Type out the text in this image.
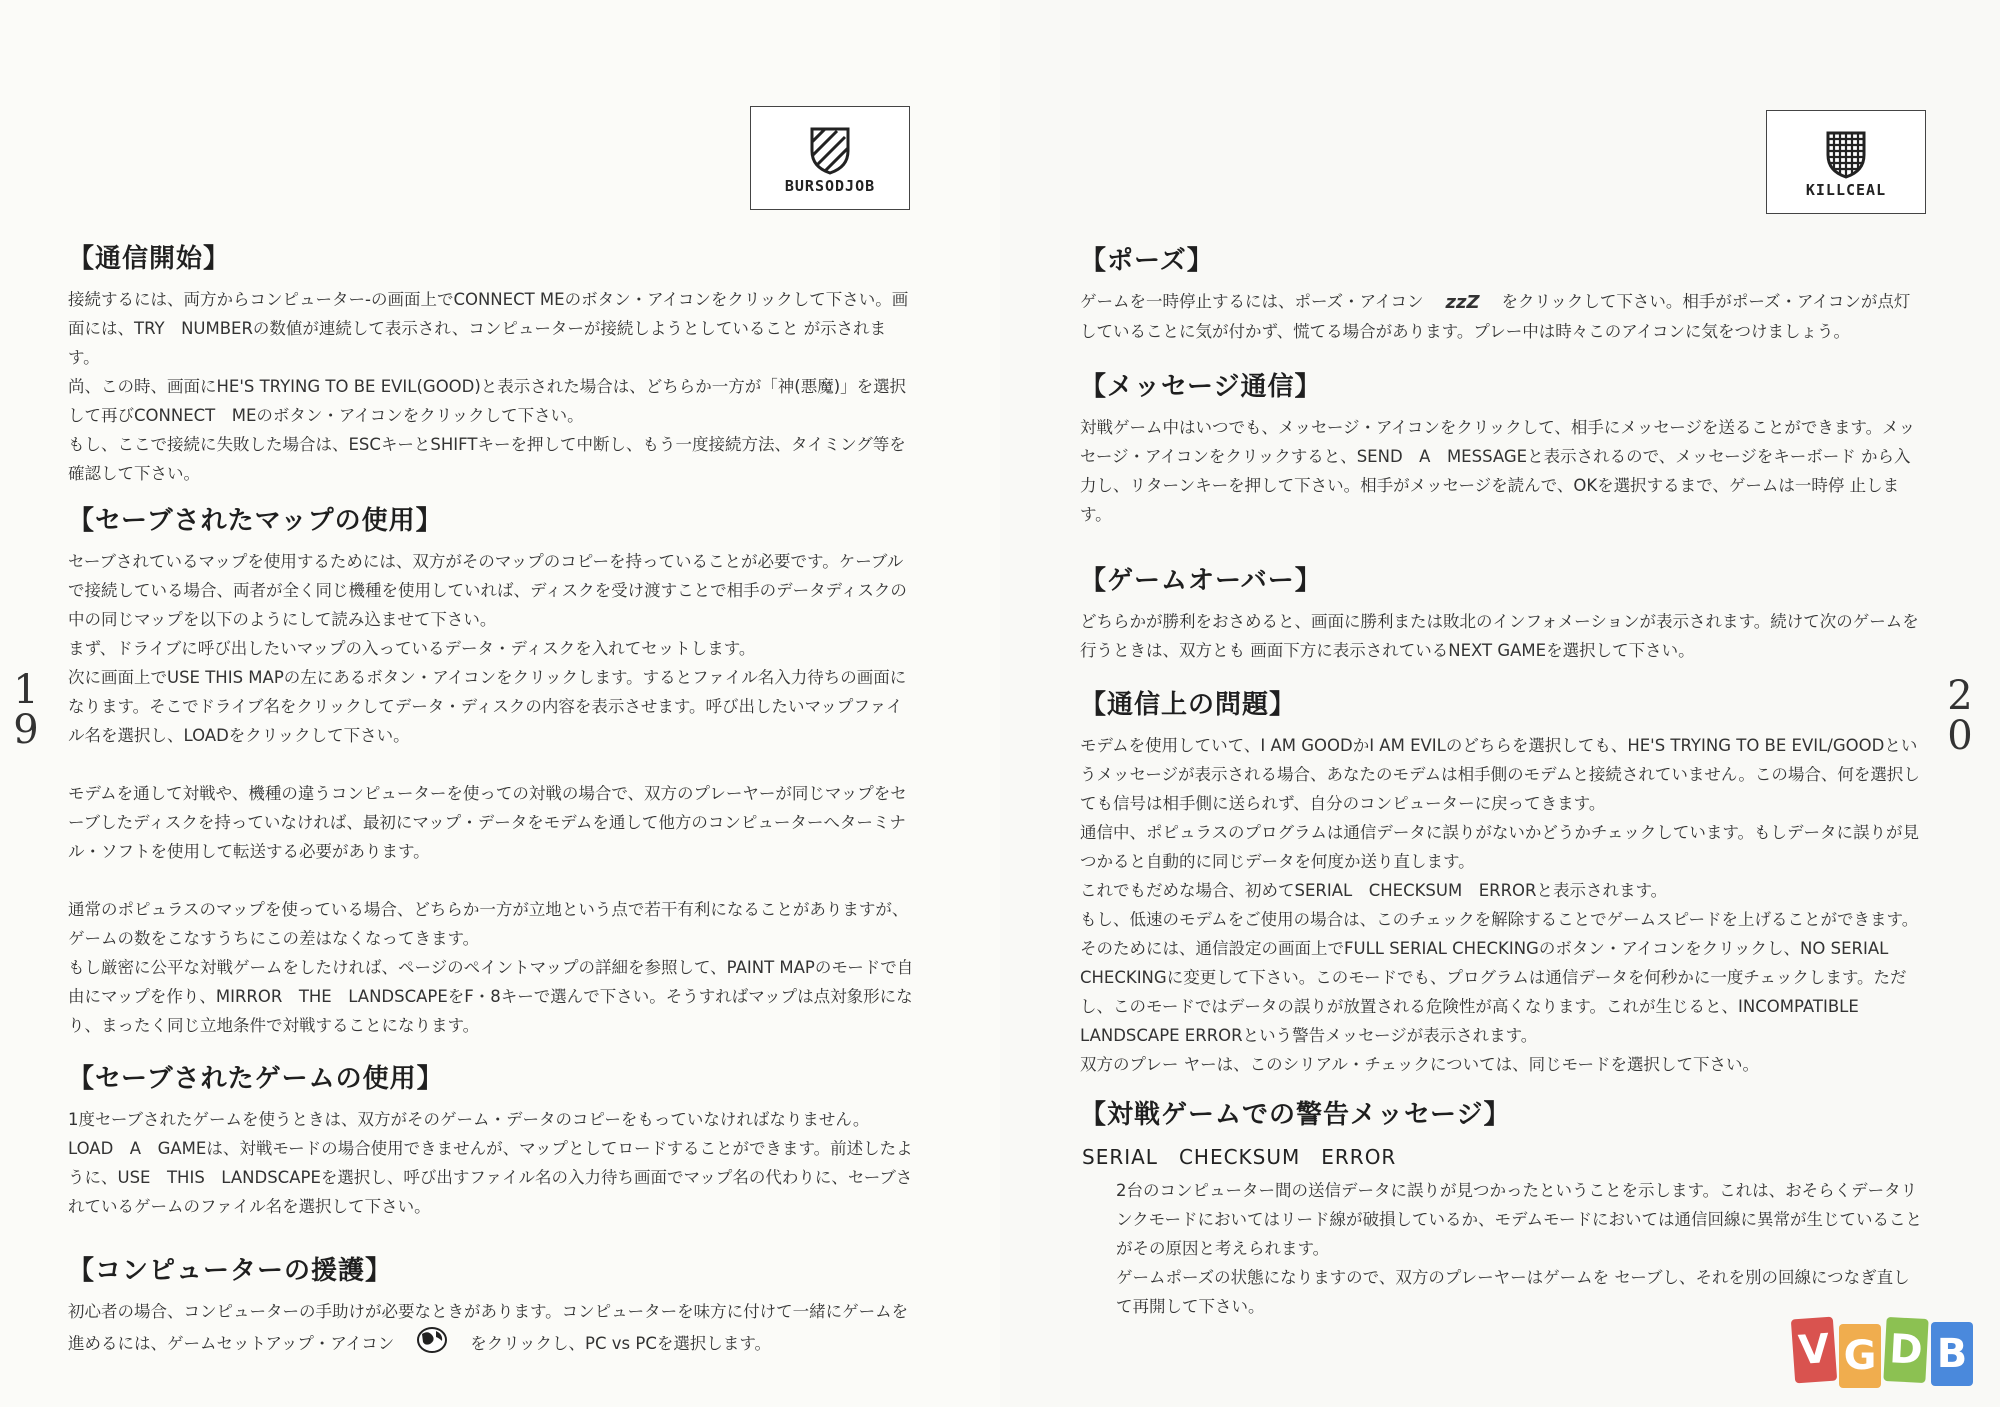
BURSODJOB
1
9
【通信開始】

接続するには、両方からコンピューター-の画面上でCONNECT MEのボタン・アイコンをクリックして下さい。画面には、TRY　NUMBERの数値が連続して表示され、コンピューターが接続しようとしていること が示されます。

尚、この時、画面にHE'S TRYING TO BE EVIL(GOOD)と表示された場合は、どちらか一方が「神(悪魔)」を選択して再びCONNECT　MEのボタン・アイコンをクリックして下さい。

もし、ここで接続に失敗した場合は、ESCキーとSHIFTキーを押して中断し、もう一度接続方法、タイミング等を確認して下さい。

【セーブされたマップの使用】

セーブされているマップを使用するためには、双方がそのマップのコピーを持っていることが必要です。ケーブルで接続している場合、両者が全く同じ機種を使用していれば、ディスクを受け渡すことで相手のデータディスクの中の同じマップを以下のようにして読み込ませて下さい。

まず、ドライブに呼び出したいマップの入っているデータ・ディスクを入れてセットします。

次に画面上でUSE THIS MAPの左にあるボタン・アイコンをクリックします。するとファイル名入力待ちの画面になります。そこでドライブ名をクリックしてデータ・ディスクの内容を表示させます。呼び出したいマップファイル名を選択し、LOADをクリックして下さい。

モデムを通して対戦や、機種の違うコンピューターを使っての対戦の場合で、双方のプレーヤーが同じマップをセーブしたディスクを持っていなければ、最初にマップ・データをモデムを通して他方のコンピューターへターミナル・ソフトを使用して転送する必要があります。

通常のポピュラスのマップを使っている場合、どちらか一方が立地という点で若干有利になることがありますが、ゲームの数をこなすうちにこの差はなくなってきます。

もし厳密に公平な対戦ゲームをしたければ、ページのペイントマップの詳細を参照して、PAINT MAPのモードで自由にマップを作り、MIRROR　THE　LANDSCAPEをF・8キーで選んで下さい。そうすればマップは点対象形になり、まったく同じ立地条件で対戦することになります。

【セーブされたゲームの使用】

1度セーブされたゲームを使うときは、双方がそのゲーム・データのコピーをもっていなければなりません。LOAD　A　GAMEは、対戦モードの場合使用できませんが、マップとしてロードすることができます。前述したように、USE　THIS　LANDSCAPEを選択し、呼び出すファイル名の入力待ち画面でマップ名の代わりに、セーブされているゲームのファイル名を選択して下さい。

【コンピューターの援護】

初心者の場合、コンピューターの手助けが必要なときがあります。コンピューターを味方に付けて一緒にゲームを進めるには、ゲームセットアップ・アイコン	をクリックし、PC vs PCを選択します。

KILLCEAL
2
0
【ポーズ】

ゲームを一時停止するには、ポーズ・アイコン zzZ をクリックして下さい。相手がポーズ・アイコンが点灯していることに気が付かず、慌てる場合があります。プレー中は時々このアイコンに気をつけましょう。

【メッセージ通信】

対戦ゲーム中はいつでも、メッセージ・アイコンをクリックして、相手にメッセージを送ることができます。メッセージ・アイコンをクリックすると、SEND　A　MESSAGEと表示されるので、メッセージをキーボード から入力し、リターンキーを押して下さい。相手がメッセージを読んで、OKを選択するまで、ゲームは一時停 止します。

【ゲームオーバー】

どちらかが勝利をおさめると、画面に勝利または敗北のインフォメーションが表示されます。続けて次のゲームを行うときは、双方とも 画面下方に表示されているNEXT GAMEを選択して下さい。

【通信上の問題】

モデムを使用していて、I AM GOODかI AM EVILのどちらを選択しても、HE'S TRYING TO BE EVIL/GOODというメッセージが表示される場合、あなたのモデムは相手側のモデムと接続されていません。この場合、何を選択しても信号は相手側に送られず、自分のコンピューターに戻ってきます。

通信中、ポピュラスのプログラムは通信データに誤りがないかどうかチェックしています。もしデータに誤りが見つかると自動的に同じデータを何度か送り直します。

これでもだめな場合、初めてSERIAL　CHECKSUM　ERRORと表示されます。

もし、低速のモデムをご使用の場合は、このチェックを解除することでゲームスピードを上げることができます。そのためには、通信設定の画面上でFULL SERIAL CHECKINGのボタン・アイコンをクリックし、NO SERIAL CHECKINGに変更して下さい。このモードでも、プログラムは通信データを何秒かに一度チェックします。ただし、このモードではデータの誤りが放置される危険性が高くなります。これが生じると、INCOMPATIBLE LANDSCAPE ERRORという警告メッセージが表示されます。

双方のプレー ヤーは、このシリアル・チェックについては、同じモードを選択して下さい。

【対戦ゲームでの警告メッセージ】
SERIAL　CHECKSUM　ERROR

2台のコンピューター間の送信データに誤りが見つかったということを示します。これは、おそらくデータリンクモードにおいてはリード線が破損しているか、モデムモードにおいては通信回線に異常が生じていることがその原因と考えられます。

ゲームポーズの状態になりますので、双方のプレーヤーはゲームを セーブし、それを別の回線につなぎ直して再開して下さい。

V G D B
